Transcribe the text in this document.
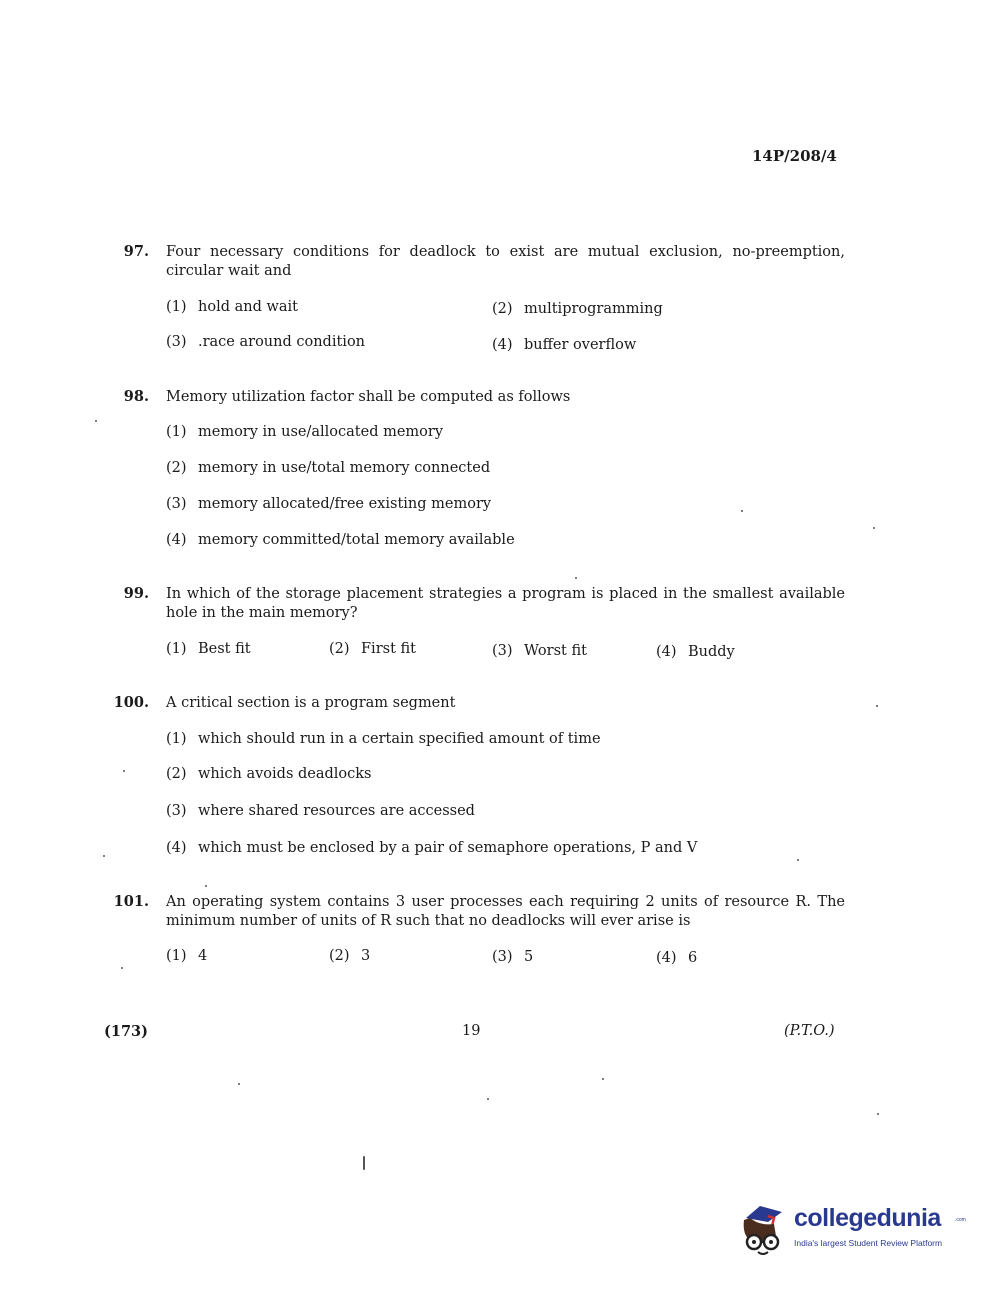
14P/208/4
97. Four necessary conditions for deadlock to exist are mutual exclusion, no-preemption, circular wait and
(1) hold and wait	(2) multiprogramming
(3) .race around condition	(4) buffer overflow
98. Memory utilization factor shall be computed as follows
(1) memory in use/allocated memory
(2) memory in use/total memory connected
(3) memory allocated/free existing memory
(4) memory committed/total memory available
99. In which of the storage placement strategies a program is placed in the smallest available hole in the main memory?
(1) Best fit	(2) First fit	(3) Worst fit	(4) Buddy
100. A critical section is a program segment
(1) which should run in a certain specified amount of time
(2) which avoids deadlocks
(3) where shared resources are accessed
(4) which must be enclosed by a pair of semaphore operations, P and V
101. An operating system contains 3 user processes each requiring 2 units of resource R. The minimum number of units of R such that no deadlocks will ever arise is
(1) 4	(2) 3	(3) 5	(4) 6
(173)	19	(P.T.O.)
collegedunia	.com
India's largest Student Review Platform
